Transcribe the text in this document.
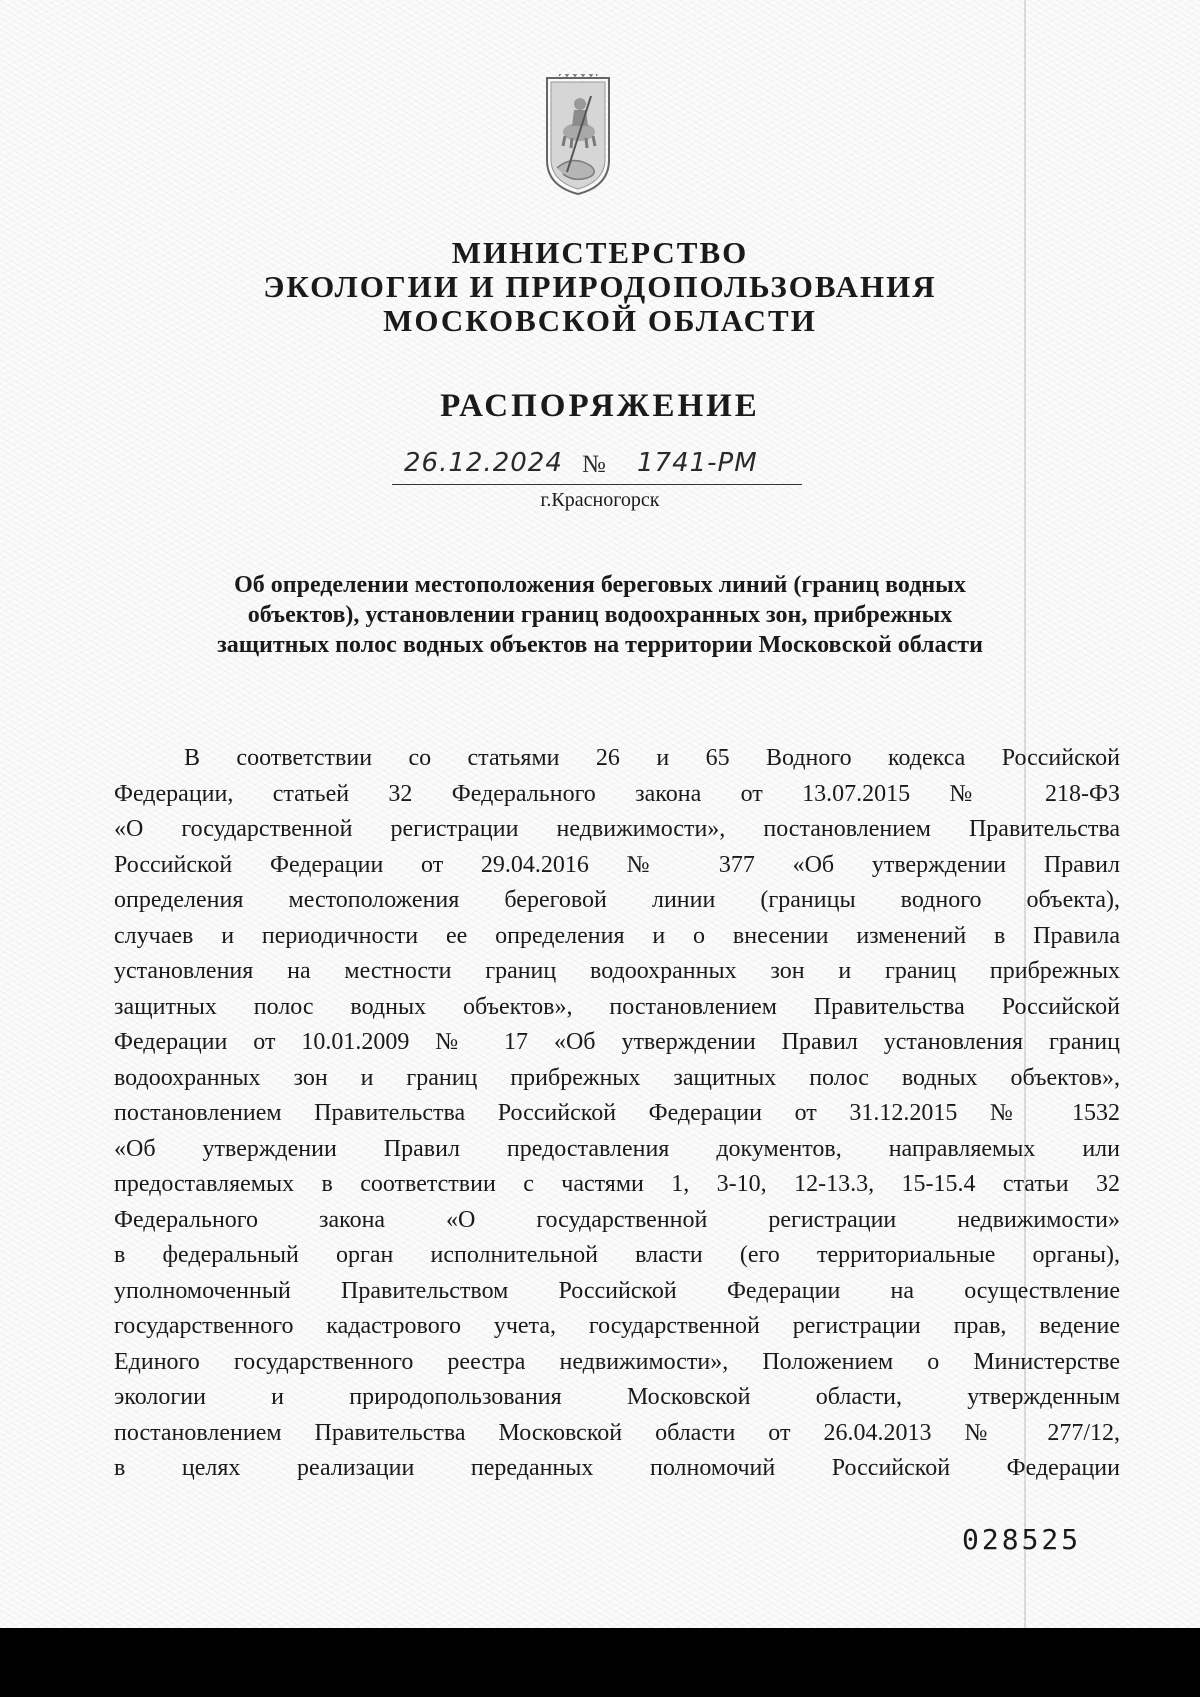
МИНИСТЕРСТВО
ЭКОЛОГИИ И ПРИРОДОПОЛЬЗОВАНИЯ
МОСКОВСКОЙ ОБЛАСТИ
РАСПОРЯЖЕНИЕ
26.12.2024 № 1741-РМ
г.Красногорск
Об определении местоположения береговых линий (границ водных
объектов), установлении границ водоохранных зон, прибрежных
защитных полос водных объектов на территории Московской области
В соответствии со статьями 26 и 65 Водного кодекса Российской
Федерации, статьей 32 Федерального закона от 13.07.2015 № 218-ФЗ
«О государственной регистрации недвижимости», постановлением Правительства
Российской Федерации от 29.04.2016 № 377 «Об утверждении Правил
определения местоположения береговой линии (границы водного объекта),
случаев и периодичности ее определения и о внесении изменений в Правила
установления на местности границ водоохранных зон и границ прибрежных
защитных полос водных объектов», постановлением Правительства Российской
Федерации от 10.01.2009 № 17 «Об утверждении Правил установления границ
водоохранных зон и границ прибрежных защитных полос водных объектов»,
постановлением Правительства Российской Федерации от 31.12.2015 № 1532
«Об утверждении Правил предоставления документов, направляемых или
предоставляемых в соответствии с частями 1, 3-10, 12-13.3, 15-15.4 статьи 32
Федерального закона «О государственной регистрации недвижимости»
в федеральный орган исполнительной власти (его территориальные органы),
уполномоченный Правительством Российской Федерации на осуществление
государственного кадастрового учета, государственной регистрации прав, ведение
Единого государственного реестра недвижимости», Положением о Министерстве
экологии и природопользования Московской области, утвержденным
постановлением Правительства Московской области от 26.04.2013 № 277/12,
в целях реализации переданных полномочий Российской Федерации
028525
